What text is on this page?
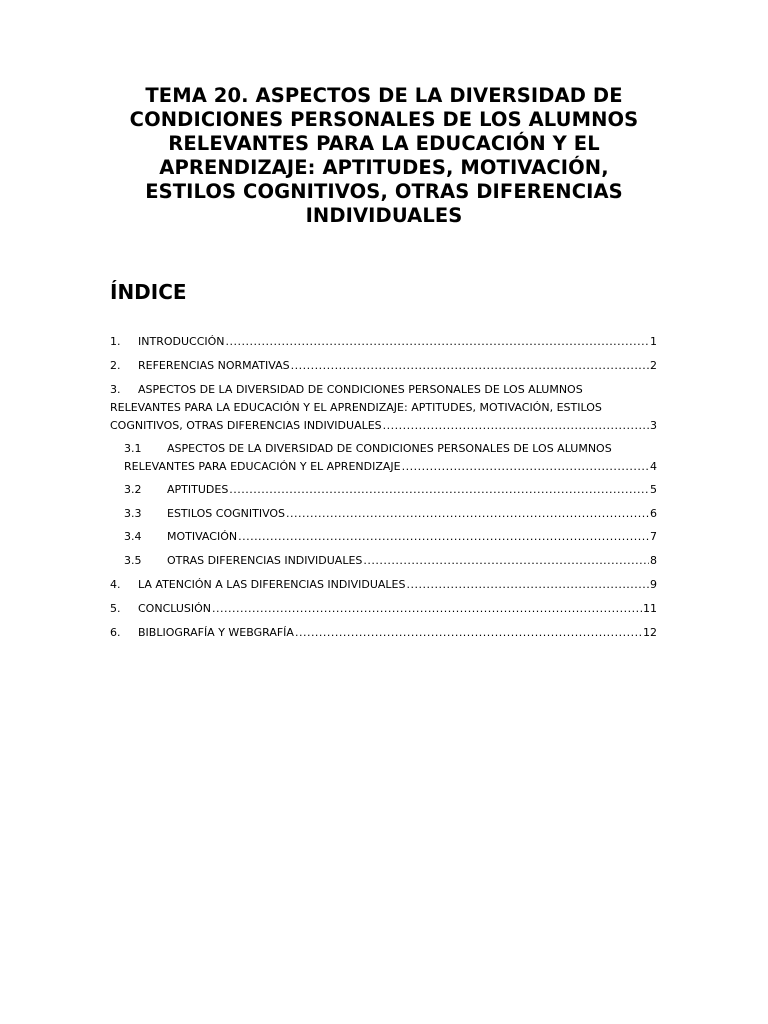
TEMA 20. ASPECTOS DE LA DIVERSIDAD DE
CONDICIONES PERSONALES DE LOS ALUMNOS
RELEVANTES PARA LA EDUCACIÓN Y EL
APRENDIZAJE: APTITUDES, MOTIVACIÓN,
ESTILOS COGNITIVOS, OTRAS DIFERENCIAS
INDIVIDUALES
ÍNDICE
1.	INTRODUCCIÓN .....	1
2.	REFERENCIAS NORMATIVAS .....	2
3.	ASPECTOS DE LA DIVERSIDAD DE CONDICIONES PERSONALES DE LOS ALUMNOS
RELEVANTES PARA LA EDUCACIÓN Y EL APRENDIZAJE: APTITUDES, MOTIVACIÓN, ESTILOS
COGNITIVOS, OTRAS DIFERENCIAS INDIVIDUALES .....	3
3.1	ASPECTOS DE LA DIVERSIDAD DE CONDICIONES PERSONALES DE LOS ALUMNOS
RELEVANTES PARA EDUCACIÓN Y EL APRENDIZAJE .....	4
3.2	APTITUDES .....	5
3.3	ESTILOS COGNITIVOS .....	6
3.4	MOTIVACIÓN .....	7
3.5	OTRAS DIFERENCIAS INDIVIDUALES .....	8
4.	LA ATENCIÓN A LAS DIFERENCIAS INDIVIDUALES .....	9
5.	CONCLUSIÓN .....	11
6.	BIBLIOGRAFÍA Y WEBGRAFÍA .....	12
